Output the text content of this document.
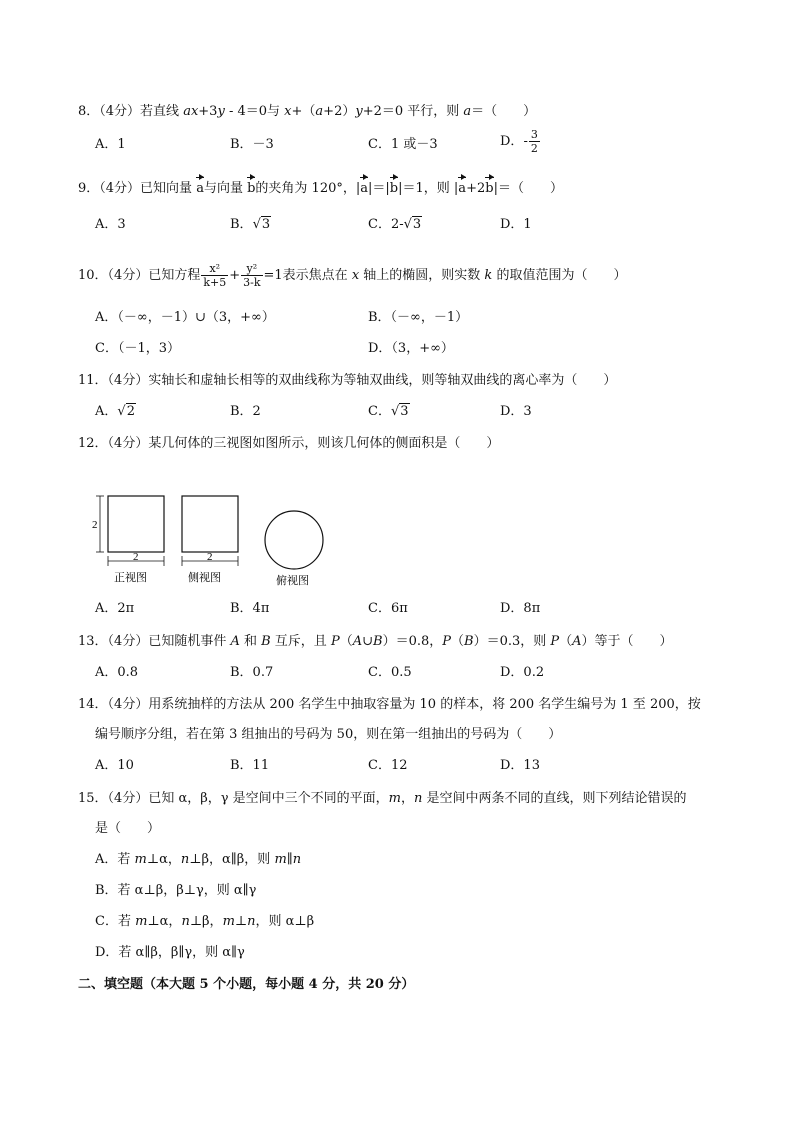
8．（4分）若直线 ax+3y - 4＝0与 x+（a+2）y+2＝0 平行，则 a＝（　　）
A．1	B．－3	C．1 或－3	D．- $\frac{3}{2}$
9．（4分）已知向量 a与向量 b的夹角为 120°，|a|＝|b|＝1，则 |a+2b|＝（　　）
A．3	B．√3	C．2-√3	D．1
10．（4分）已知方程 $\frac{\text{x²}}{k+5} + \frac{\text{y²}}{3-k} =1$表示焦点在 x 轴上的椭圆，则实数 k 的取值范围为（　　）
A．（－∞，－1）∪（3，+∞）	B．（－∞，－1）
C．（－1，3）	D．（3，+∞）
11．（4分）实轴长和虚轴长相等的双曲线称为等轴双曲线，则等轴双曲线的离心率为（　　）
A．√2	B．2	C．√3	D．3
12．（4分）某几何体的三视图如图所示，则该几何体的侧面积是（　　）
2
2
正视图
2
侧视图	俯视图
A．2π	B．4π	C．6π	D．8π
13．（4分）已知随机事件 A 和 B 互斥，且 P（A∪B）＝0.8，P（B）＝0.3，则 P（A）等于（　　）
A．0.8	B．0.7	C．0.5	D．0.2
14．（4分）用系统抽样的方法从 200 名学生中抽取容量为 10 的样本，将 200 名学生编号为 1 至 200，按
编号顺序分组，若在第 3 组抽出的号码为 50，则在第一组抽出的号码为（　　）
A．10	B．11	C．12	D．13
15．（4分）已知 α，β，γ 是空间中三个不同的平面，m，n 是空间中两条不同的直线，则下列结论错误的
是（　　）
A．若 m⊥α，n⊥β，α∥β，则 m∥n
B．若 α⊥β，β⊥γ，则 α∥γ
C．若 m⊥α，n⊥β，m⊥n，则 α⊥β
D．若 α∥β，β∥γ，则 α∥γ
二、填空题（本大题 5 个小题，每小题 4 分，共 20 分）
